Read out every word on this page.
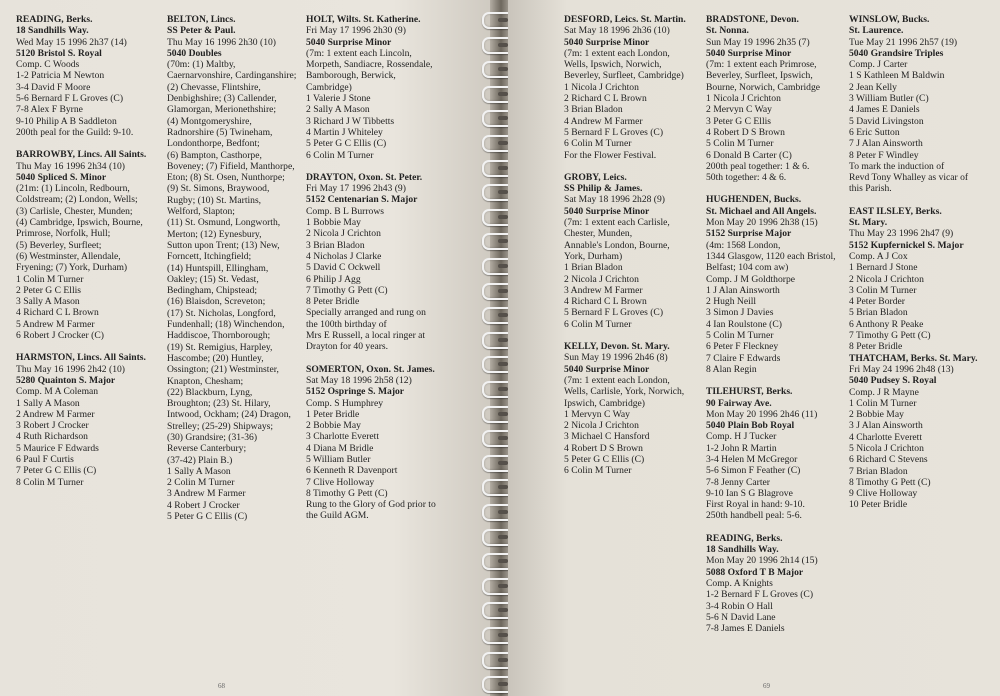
READING, Berks.
18 Sandhills Way.
Wed May 15 1996 2h37 (14)
5120 Bristol S. Royal
Comp. C Woods
1-2 Patricia M Newton
3-4 David F Moore
5-6 Bernard F L Groves (C)
7-8 Alex F Byrne
9-10 Philip A B Saddleton
200th peal for the Guild: 9-10.
BARROWBY, Lincs. All Saints.
Thu May 16 1996 2h34 (10)
5040 Spliced S. Minor
(21m: (1) Lincoln, Redbourn,
Coldstream; (2) London, Wells;
(3) Carlisle, Chester, Munden;
(4) Cambridge, Ipswich, Bourne,
Primrose, Norfolk, Hull;
(5) Beverley, Surfleet;
(6) Westminster, Allendale,
Fryening; (7) York, Durham)
1 Colin M Turner
2 Peter G C Ellis
3 Sally A Mason
4 Richard C L Brown
5 Andrew M Farmer
6 Robert J Crocker (C)
HARMSTON, Lincs. All Saints.
Thu May 16 1996 2h42 (10)
5280 Quainton S. Major
Comp. M A Coleman
1 Sally A Mason
2 Andrew M Farmer
3 Robert J Crocker
4 Ruth Richardson
5 Maurice F Edwards
6 Paul F Curtis
7 Peter G C Ellis (C)
8 Colin M Turner
BELTON, Lincs.
SS Peter & Paul.
Thu May 16 1996 2h30 (10)
5040 Doubles
(70m: (1) Maltby,
Caernarvonshire, Cardinganshire;
(2) Chevasse, Flintshire,
Denbighshire; (3) Callender,
Glamorgan, Merionethshire;
(4) Montgomeryshire,
Radnorshire (5) Twineham,
Londonthorpe, Bedfont;
(6) Bampton, Casthorpe,
Boveney; (7) Fifield, Manthorpe,
Eton; (8) St. Osen, Nunthorpe;
(9) St. Simons, Braywood,
Rugby; (10) St. Martins,
Welford, Slapton;
(11) St. Osmund, Longworth,
Merton; (12) Eynesbury,
Sutton upon Trent; (13) New,
Forncett, Itchingfield;
(14) Huntspill, Ellingham,
Oakley; (15) St. Vedast,
Bedingham, Chipstead;
(16) Blaisdon, Screveton;
(17) St. Nicholas, Longford,
Fundenhall; (18) Winchendon,
Haddiscoe, Thornborough;
(19) St. Remigius, Harpley,
Hascombe; (20) Huntley,
Ossington; (21) Westminster,
Knapton, Chesham;
(22) Blackburn, Lyng,
Broughton; (23) St. Hilary,
Intwood, Ockham; (24) Dragon,
Strelley; (25-29) Shipways;
(30) Grandsire; (31-36)
Reverse Canterbury;
(37-42) Plain B.)
1 Sally A Mason
2 Colin M Turner
3 Andrew M Farmer
4 Robert J Crocker
5 Peter G C Ellis (C)
HOLT, Wilts. St. Katherine.
Fri May 17 1996 2h30 (9)
5040 Surprise Minor
(7m: 1 extent each Lincoln,
Morpeth, Sandiacre, Rossendale,
Bamborough, Berwick,
Cambridge)
1 Valerie J Stone
2 Sally A Mason
3 Richard J W Tibbetts
4 Martin J Whiteley
5 Peter G C Ellis (C)
6 Colin M Turner
DRAYTON, Oxon. St. Peter.
Fri May 17 1996 2h43 (9)
5152 Centenarian S. Major
Comp. B L Burrows
1 Bobbie May
2 Nicola J Crichton
3 Brian Bladon
4 Nicholas J Clarke
5 David C Ockwell
6 Philip J Agg
7 Timothy G Pett (C)
8 Peter Bridle
Specially arranged and rung on
the 100th birthday of
Mrs E Russell, a local ringer at
Drayton for 40 years.
SOMERTON, Oxon. St. James.
Sat May 18 1996 2h58 (12)
5152 Ospringe S. Major
Comp. S Humphrey
1 Peter Bridle
2 Bobbie May
3 Charlotte Everett
4 Diana M Bridle
5 William Butler
6 Kenneth R Davenport
7 Clive Holloway
8 Timothy G Pett (C)
Rung to the Glory of God prior to
the Guild AGM.
68
DESFORD, Leics. St. Martin.
Sat May 18 1996 2h36 (10)
5040 Surprise Minor
(7m: 1 extent each London,
Wells, Ipswich, Norwich,
Beverley, Surfleet, Cambridge)
1 Nicola J Crichton
2 Richard C L Brown
3 Brian Bladon
4 Andrew M Farmer
5 Bernard F L Groves (C)
6 Colin M Turner
For the Flower Festival.
GROBY, Leics.
SS Philip & James.
Sat May 18 1996 2h28 (9)
5040 Surprise Minor
(7m: 1 extent each Carlisle,
Chester, Munden,
Annable's London, Bourne,
York, Durham)
1 Brian Bladon
2 Nicola J Crichton
3 Andrew M Farmer
4 Richard C L Brown
5 Bernard F L Groves (C)
6 Colin M Turner
KELLY, Devon. St. Mary.
Sun May 19 1996 2h46 (8)
5040 Surprise Minor
(7m: 1 extent each London,
Wells, Carlisle, York, Norwich,
Ipswich, Cambridge)
1 Mervyn C Way
2 Nicola J Crichton
3 Michael C Hansford
4 Robert D S Brown
5 Peter G C Ellis (C)
6 Colin M Turner
BRADSTONE, Devon.
St. Nonna.
Sun May 19 1996 2h35 (7)
5040 Surprise Minor
(7m: 1 extent each Primrose,
Beverley, Surfleet, Ipswich,
Bourne, Norwich, Cambridge
1 Nicola J Crichton
2 Mervyn C Way
3 Peter G C Ellis
4 Robert D S Brown
5 Colin M Turner
6 Donald B Carter (C)
200th peal together: 1 & 6.
50th together: 4 & 6.
HUGHENDEN, Bucks.
St. Michael and All Angels.
Mon May 20 1996 2h38 (15)
5152 Surprise Major
(4m: 1568 London,
1344 Glasgow, 1120 each Bristol,
Belfast; 104 com aw)
Comp. J M Goldthorpe
1 J Alan Ainsworth
2 Hugh Neill
3 Simon J Davies
4 Ian Roulstone (C)
5 Colin M Turner
6 Peter F Fleckney
7 Claire F Edwards
8 Alan Regin
TILEHURST, Berks.
90 Fairway Ave.
Mon May 20 1996 2h46 (11)
5040 Plain Bob Royal
Comp. H J Tucker
1-2 John R Martin
3-4 Helen M McGregor
5-6 Simon F Feather (C)
7-8 Jenny Carter
9-10 Ian S G Blagrove
First Royal in hand: 9-10.
250th handbell peal: 5-6.
READING, Berks.
18 Sandhills Way.
Mon May 20 1996 2h14 (15)
5088 Oxford T B Major
Comp. A Knights
1-2 Bernard F L Groves (C)
3-4 Robin O Hall
5-6 N David Lane
7-8 James E Daniels
WINSLOW, Bucks.
St. Laurence.
Tue May 21 1996 2h57 (19)
5040 Grandsire Triples
Comp. J Carter
1 S Kathleen M Baldwin
2 Jean Kelly
3 William Butler (C)
4 James E Daniels
5 David Livingston
6 Eric Sutton
7 J Alan Ainsworth
8 Peter F Windley
To mark the induction of
Revd Tony Whalley as vicar of
this Parish.
EAST ILSLEY, Berks.
St. Mary.
Thu May 23 1996 2h47 (9)
5152 Kupfernickel S. Major
Comp. A J Cox
1 Bernard J Stone
2 Nicola J Crichton
3 Colin M Turner
4 Peter Border
5 Brian Bladon
6 Anthony R Peake
7 Timothy G Pett (C)
8 Peter Bridle
THATCHAM, Berks. St. Mary.
Fri May 24 1996 2h48 (13)
5040 Pudsey S. Royal
Comp. J R Mayne
1 Colin M Turner
2 Bobbie May
3 J Alan Ainsworth
4 Charlotte Everett
5 Nicola J Crichton
6 Richard C Stevens
7 Brian Bladon
8 Timothy G Pett (C)
9 Clive Holloway
10 Peter Bridle
69
